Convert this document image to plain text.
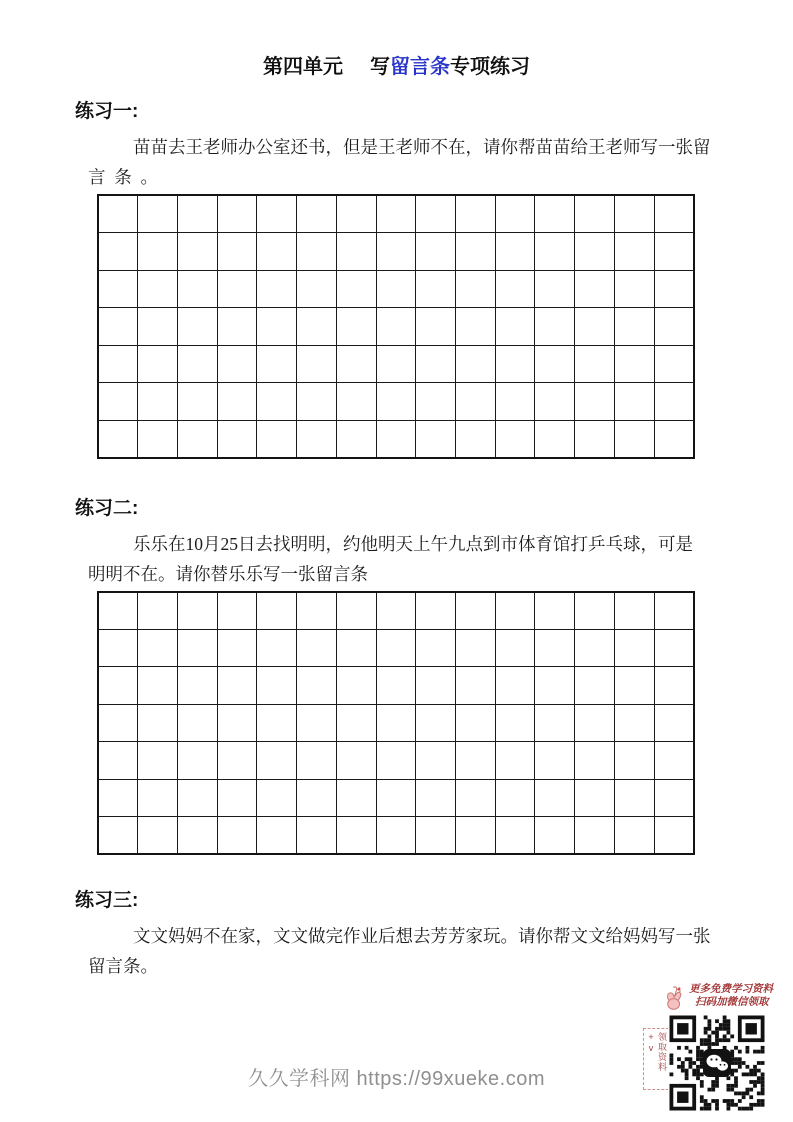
第四单元 写留言条专项练习
练习一:
苗苗去王老师办公室还书，但是王老师不在，请你帮苗苗给王老师写一张留
言  条  。

练习二:
乐乐在10月25日去找明明，约他明天上午九点到市体育馆打乒乓球，可是
明明不在。请你替乐乐写一张留言条

练习三:
文文妈妈不在家，文文做完作业后想去芳芳家玩。请你帮文文给妈妈写一张
留言条。
更多免费学习资料
扫码加微信领取
领取资料+v
久久学科网 https://99xueke.com
